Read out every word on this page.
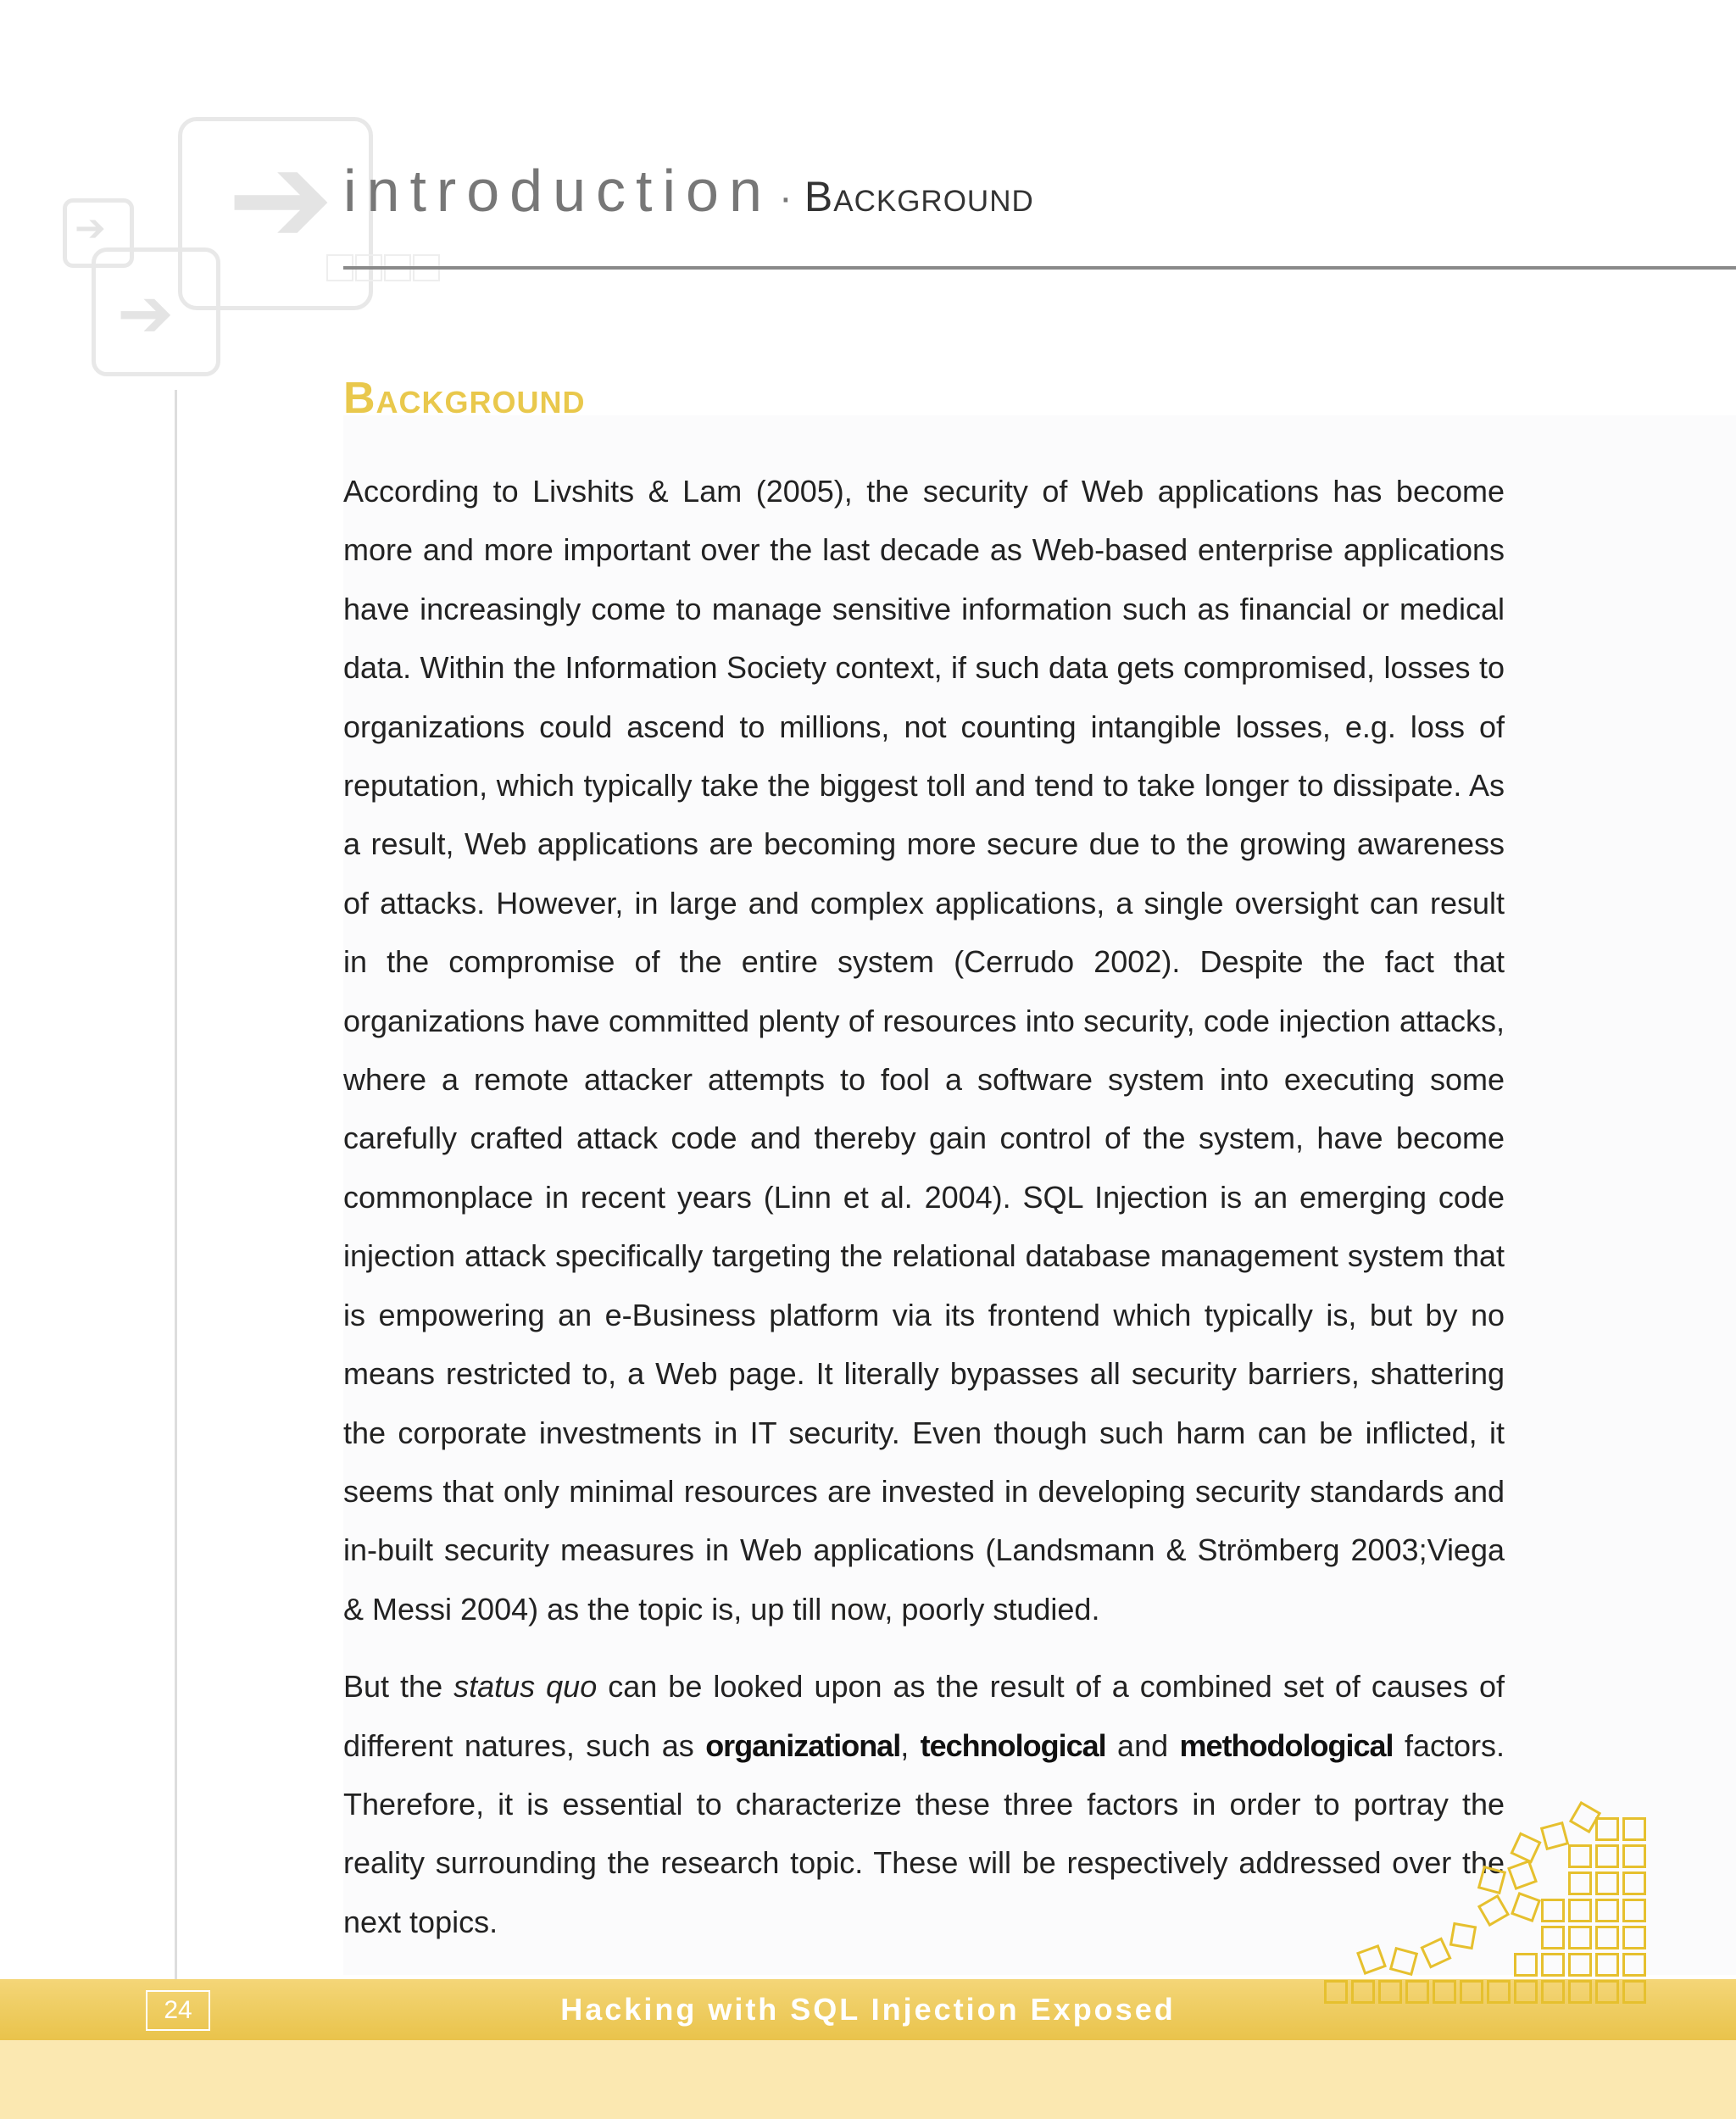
➔
➔
➔
introduction · Background
Background

According to Livshits & Lam (2005), the security of Web applications has become more and more important over the last decade as Web-based enterprise applications have increasingly come to manage sensitive information such as financial or medical data. Within the Information Society context, if such data gets compromised, losses to organizations could ascend to millions, not counting intangible losses, e.g. loss of reputation, which typically take the biggest toll and tend to take longer to dissipate. As a result, Web applications are becoming more secure due to the growing awareness of attacks. However, in large and complex applications, a single oversight can result in the compromise of the entire system (Cerrudo 2002). Despite the fact that organizations have committed plenty of resources into security, code injection attacks, where a remote attacker attempts to fool a software system into executing some carefully crafted attack code and thereby gain control of the system, have become commonplace in recent years (Linn et al. 2004). SQL Injection is an emerging code injection attack specifically targeting the relational database management system that is empowering an e-Business platform via its frontend which typically is, but by no means restricted to, a Web page. It literally bypasses all security barriers, shattering the corporate investments in IT security. Even though such harm can be inflicted, it seems that only minimal resources are invested in developing security standards and in-built security measures in Web applications (Landsmann & Strömberg 2003;Viega & Messi 2004) as the topic is, up till now, poorly studied.

But the status quo can be looked upon as the result of a combined set of causes of different natures, such as organizational, technological and methodological factors. Therefore, it is essential to characterize these three factors in order to portray the reality surrounding the research topic. These will be respectively addressed over the next topics.

24	Hacking with SQL Injection Exposed
